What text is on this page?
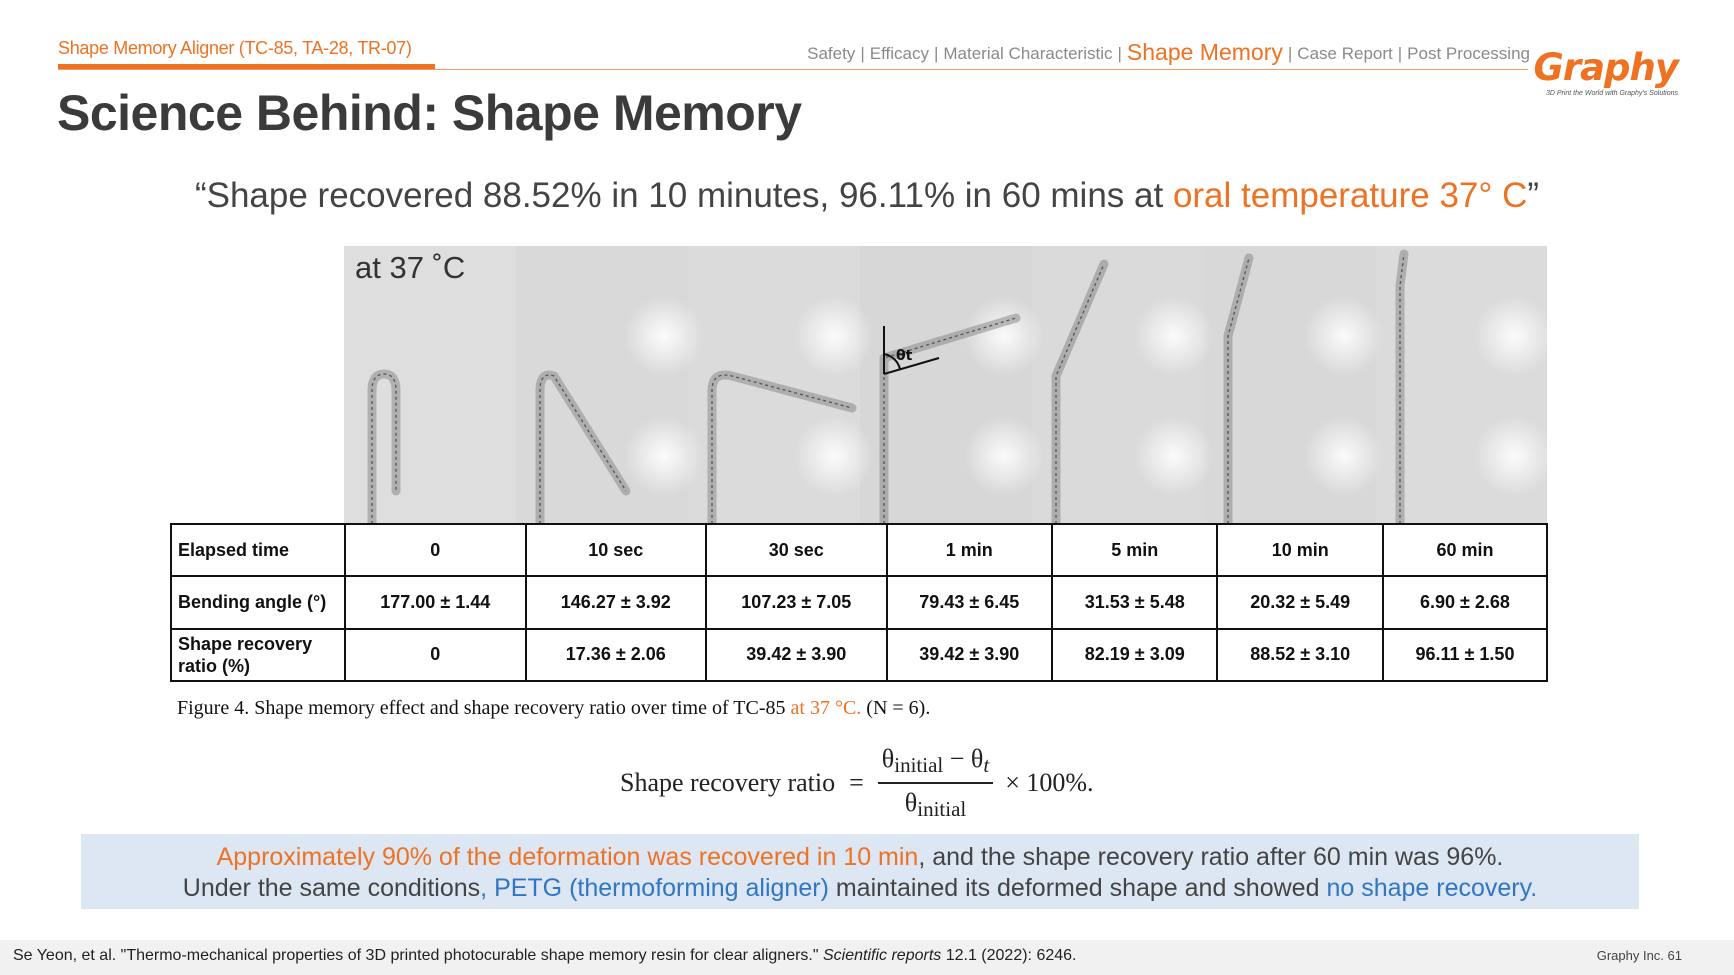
Shape Memory Aligner (TC-85, TA-28, TR-07)	Safety | Efficacy | Material Characteristic | Shape Memory | Case Report | Post Processing Graphy
3D Print the World with Graphy's Solutions
Science Behind: Shape Memory
“Shape recovered 88.52% in 10 minutes, 96.11% in 60 mins at oral temperature 37° C”
θt
at 37 ˚C
Elapsed time	0	10 sec	30 sec	1 min	5 min	10 min	60 min
Bending angle (°)	177.00 ± 1.44	146.27 ± 3.92	107.23 ± 7.05	79.43 ± 6.45	31.53 ± 5.48	20.32 ± 5.49	6.90 ± 2.68
Shape recovery ratio (%)	0	17.36 ± 2.06	39.42 ± 3.90	39.42 ± 3.90	82.19 ± 3.09	88.52 ± 3.10	96.11 ± 1.50
Figure 4. Shape memory effect and shape recovery ratio over time of TC-85 at 37 °C. (N = 6).
Shape recovery ratio = $\frac{\theta_{initial} - \theta_t}{\theta_{initial}} \times 100\%$.
Approximately 90% of the deformation was recovered in 10 min, and the shape recovery ratio after 60 min was 96%.
Under the same conditions, PETG (thermoforming aligner) maintained its deformed shape and showed no shape recovery.
Se Yeon, et al. "Thermo-mechanical properties of 3D printed photocurable shape memory resin for clear aligners." Scientific reports 12.1 (2022): 6246.	Graphy Inc. 61
